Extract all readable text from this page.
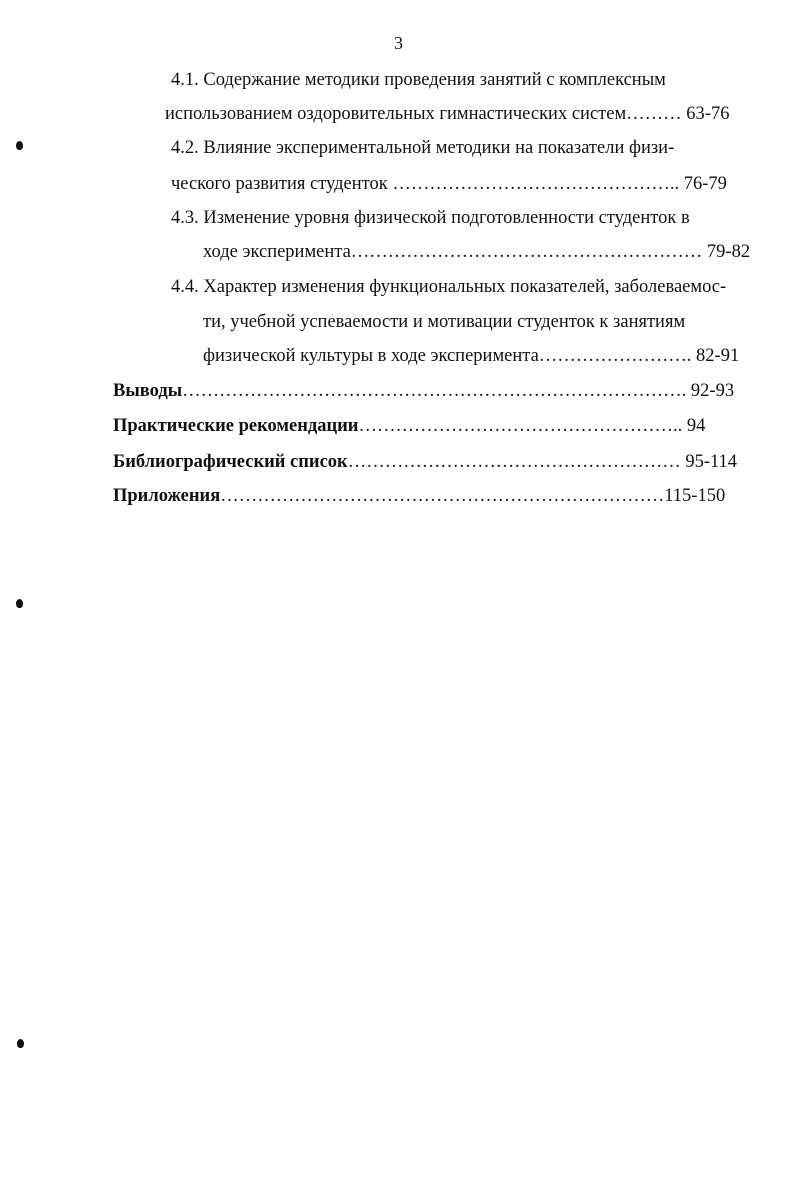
3
4.1. Содержание методики проведения занятий с комплексным
использованием оздоровительных гимнастических систем……… 63-76
4.2. Влияние экспериментальной методики на показатели физи-
ческого развития студенток ……………………………………….. 76-79
4.3. Изменение уровня физической подготовленности студенток в
ходе эксперимента………………………………………………… 79-82
4.4. Характер изменения функциональных показателей, заболеваемос-
ти, учебной успеваемости и мотивации студенток к занятиям
физической культуры в ходе эксперимента……………………. 82-91
Выводы………………………………………………………………………. 92-93
Практические рекомендации…………………………………………….. 94
Библиографический список……………………………………………… 95-114
Приложения………………………………………………………………115-150
